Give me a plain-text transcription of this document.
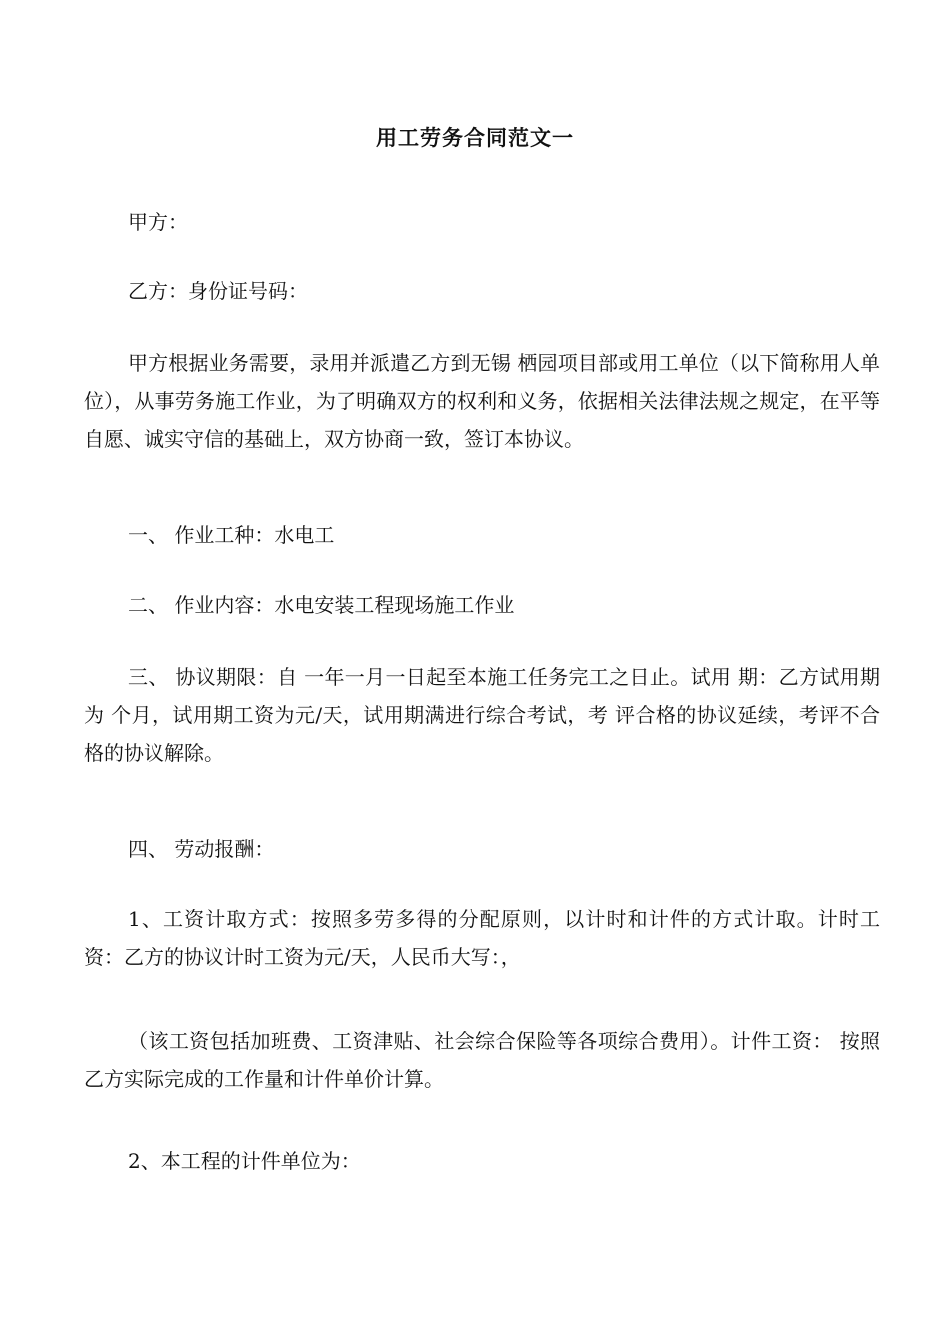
用工劳务合同范文一

甲方：

乙方：身份证号码：

甲方根据业务需要，录用并派遣乙方到无锡 栖园项目部或用工单位（以下简称用人单位），从事劳务施工作业，为了明确双方的权利和义务，依据相关法律法规之规定，在平等自愿、诚实守信的基础上，双方协商一致，签订本协议。

一、 作业工种：水电工

二、 作业内容：水电安装工程现场施工作业

三、 协议期限：自 一年一月一日起至本施工任务完工之日止。试用 期：乙方试用期为 个月，试用期工资为元/天，试用期满进行综合考试，考 评合格的协议延续，考评不合格的协议解除。

四、 劳动报酬：

1、工资计取方式：按照多劳多得的分配原则，以计时和计件的方式计取。计时工资：乙方的协议计时工资为元/天，人民币大写：，

（该工资包括加班费、工资津贴、社会综合保险等各项综合费用）。计件工资： 按照乙方实际完成的工作量和计件单价计算。

2、本工程的计件单位为：
